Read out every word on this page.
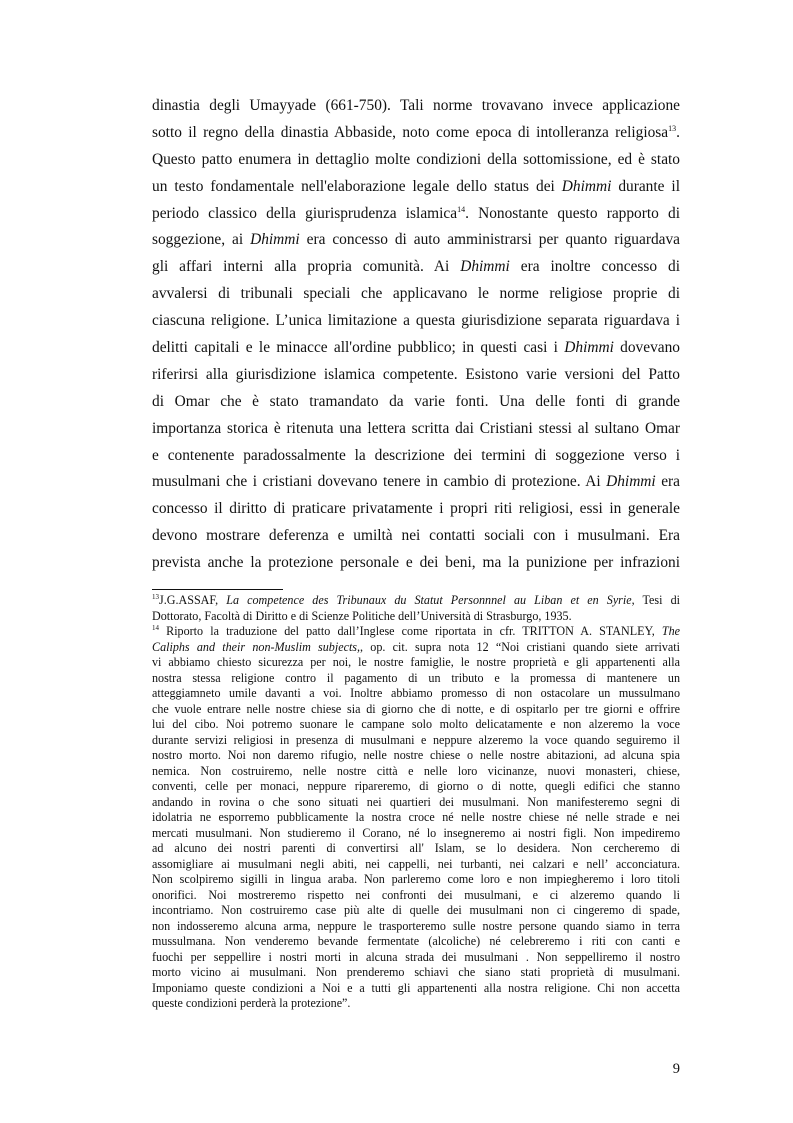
dinastia degli Umayyade (661-750). Tali norme trovavano invece applicazione
sotto il regno della dinastia Abbaside, noto come epoca di intolleranza religiosa$^{13}$.
Questo patto enumera in dettaglio molte condizioni della sottomissione, ed è stato
un testo fondamentale nell'elaborazione legale dello status dei Dhimmi durante il
periodo classico della giurisprudenza islamica$^{14}$. Nonostante questo rapporto di
soggezione, ai Dhimmi era concesso di auto amministrarsi per quanto riguardava
gli affari interni alla propria comunità. Ai Dhimmi era inoltre concesso di
avvalersi di tribunali speciali che applicavano le norme religiose proprie di
ciascuna religione. L’unica limitazione a questa giurisdizione separata riguardava i
delitti capitali e le minacce all'ordine pubblico; in questi casi i Dhimmi dovevano
riferirsi alla giurisdizione islamica competente. Esistono varie versioni del Patto
di Omar che è stato tramandato da varie fonti. Una delle fonti di grande
importanza storica è ritenuta una lettera scritta dai Cristiani stessi al sultano Omar
e contenente paradossalmente la descrizione dei termini di soggezione verso i
musulmani che i cristiani dovevano tenere in cambio di protezione. Ai Dhimmi era
concesso il diritto di praticare privatamente i propri riti religiosi, essi in generale
devono mostrare deferenza e umiltà nei contatti sociali con i musulmani. Era
prevista anche la protezione personale e dei beni, ma la punizione per infrazioni
$^{13}$J.G.ASSAF, La competence des Tribunaux du Statut Personnnel au Liban et en Syrie, Tesi di
Dottorato, Facoltà di Diritto e di Scienze Politiche dell’Università di Strasburgo, 1935.
$^{14}$ Riporto la traduzione del patto dall’Inglese come riportata in cfr. TRITTON A. STANLEY, The
Caliphs and their non-Muslim subjects,, op. cit. supra nota 12 “Noi cristiani quando siete arrivati
vi abbiamo chiesto sicurezza per noi, le nostre famiglie, le nostre proprietà e gli appartenenti alla
nostra stessa religione contro il pagamento di un tributo e la promessa di mantenere un
atteggiamneto umile davanti a voi. Inoltre abbiamo promesso di non ostacolare un mussulmano
che vuole entrare nelle nostre chiese sia di giorno che di notte, e di ospitarlo per tre giorni e offrire
lui del cibo. Noi potremo suonare le campane solo molto delicatamente e non alzeremo la voce
durante servizi religiosi in presenza di musulmani e neppure alzeremo la voce quando seguiremo il
nostro morto. Noi non daremo rifugio, nelle nostre chiese o nelle nostre abitazioni, ad alcuna spia
nemica. Non costruiremo, nelle nostre città e nelle loro vicinanze, nuovi monasteri, chiese,
conventi, celle per monaci, neppure ripareremo, di giorno o di notte, quegli edifici che stanno
andando in rovina o che sono situati nei quartieri dei musulmani. Non manifesteremo segni di
idolatria ne esporremo pubblicamente la nostra croce né nelle nostre chiese né nelle strade e nei
mercati musulmani. Non studieremo il Corano, né lo insegneremo ai nostri figli. Non impediremo
ad alcuno dei nostri parenti di convertirsi all' Islam, se lo desidera. Non cercheremo di
assomigliare ai musulmani negli abiti, nei cappelli, nei turbanti, nei calzari e nell’ acconciatura.
Non scolpiremo sigilli in lingua araba. Non parleremo come loro e non impiegheremo i loro titoli
onorifici. Noi mostreremo rispetto nei confronti dei musulmani, e ci alzeremo quando li
incontriamo. Non costruiremo case più alte di quelle dei musulmani non ci cingeremo di spade,
non indosseremo alcuna arma, neppure le trasporteremo sulle nostre persone quando siamo in terra
mussulmana. Non venderemo bevande fermentate (alcoliche) né celebreremo i riti con canti e
fuochi per seppellire i nostri morti in alcuna strada dei musulmani . Non seppelliremo il nostro
morto vicino ai musulmani. Non prenderemo schiavi che siano stati proprietà di musulmani.
Imponiamo queste condizioni a Noi e a tutti gli appartenenti alla nostra religione. Chi non accetta
queste condizioni perderà la protezione”.
9
